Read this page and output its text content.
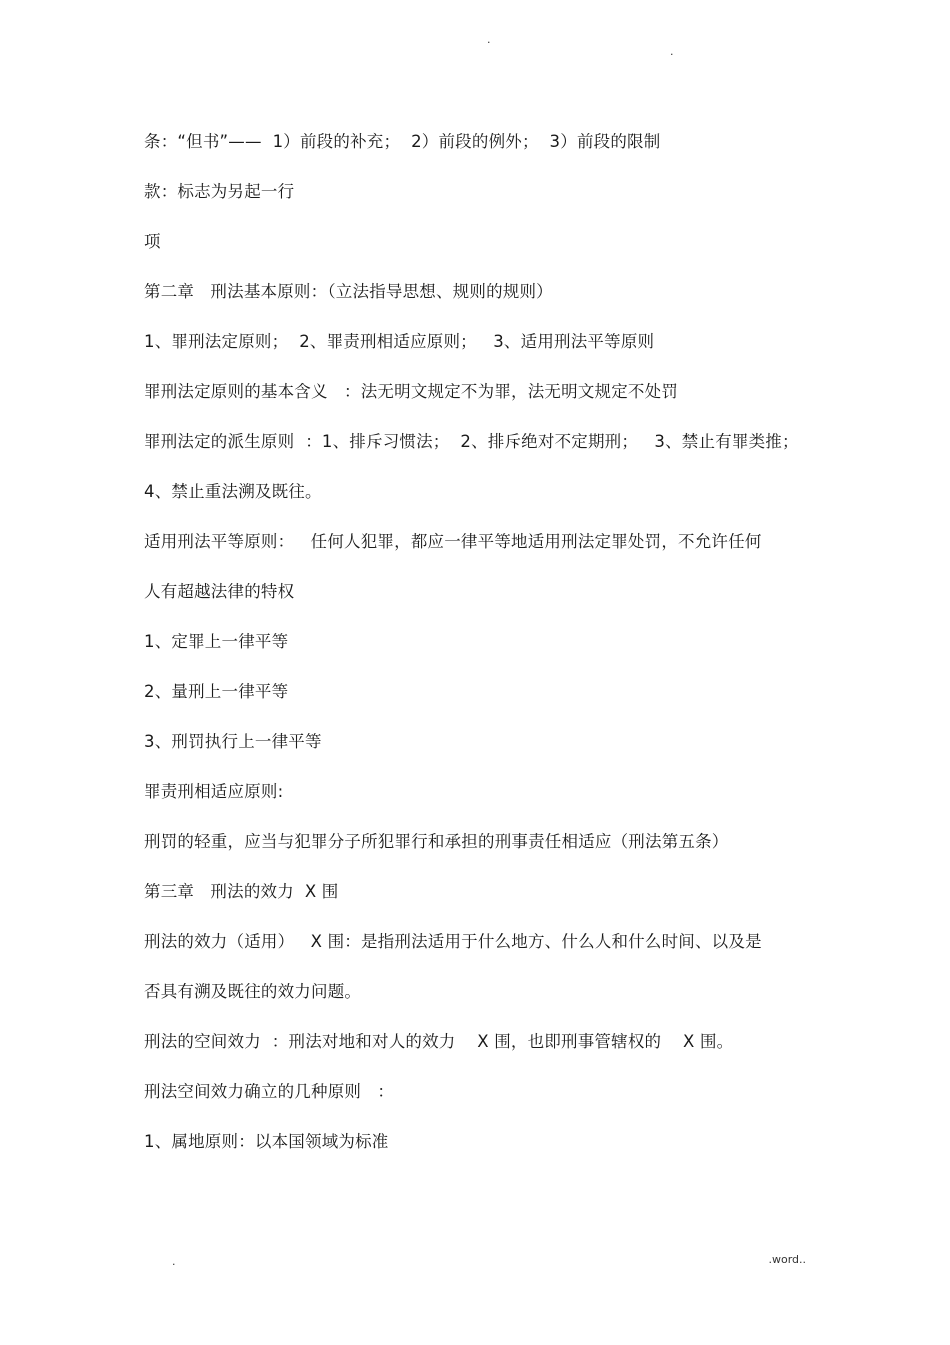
.
.
条：“但书”——  1）前段的补充；  2）前段的例外；  3）前段的限制
款：标志为另起一行
项
第二章   刑法基本原则：（立法指导思想、规则的规则）
1、罪刑法定原则；  2、罪责刑相适应原则；   3、适用刑法平等原则
罪刑法定原则的基本含义   ：法无明文规定不为罪，法无明文规定不处罚
罪刑法定的派生原则  ：1、排斥习惯法；  2、排斥绝对不定期刑；   3、禁止有罪类推；
4、禁止重法溯及既往。
适用刑法平等原则：   任何人犯罪，都应一律平等地适用刑法定罪处罚，不允许任何
人有超越法律的特权
1、定罪上一律平等
2、量刑上一律平等
3、刑罚执行上一律平等
罪责刑相适应原则:
刑罚的轻重，应当与犯罪分子所犯罪行和承担的刑事责任相适应（刑法第五条）
第三章   刑法的效力  X 围
刑法的效力（适用）   X 围：是指刑法适用于什么地方、什么人和什么时间、以及是
否具有溯及既往的效力问题。
刑法的空间效力  ：刑法对地和对人的效力    X 围，也即刑事管辖权的    X 围。
刑法空间效力确立的几种原则   ：
1、属地原则：以本国领域为标准
.	.word..
